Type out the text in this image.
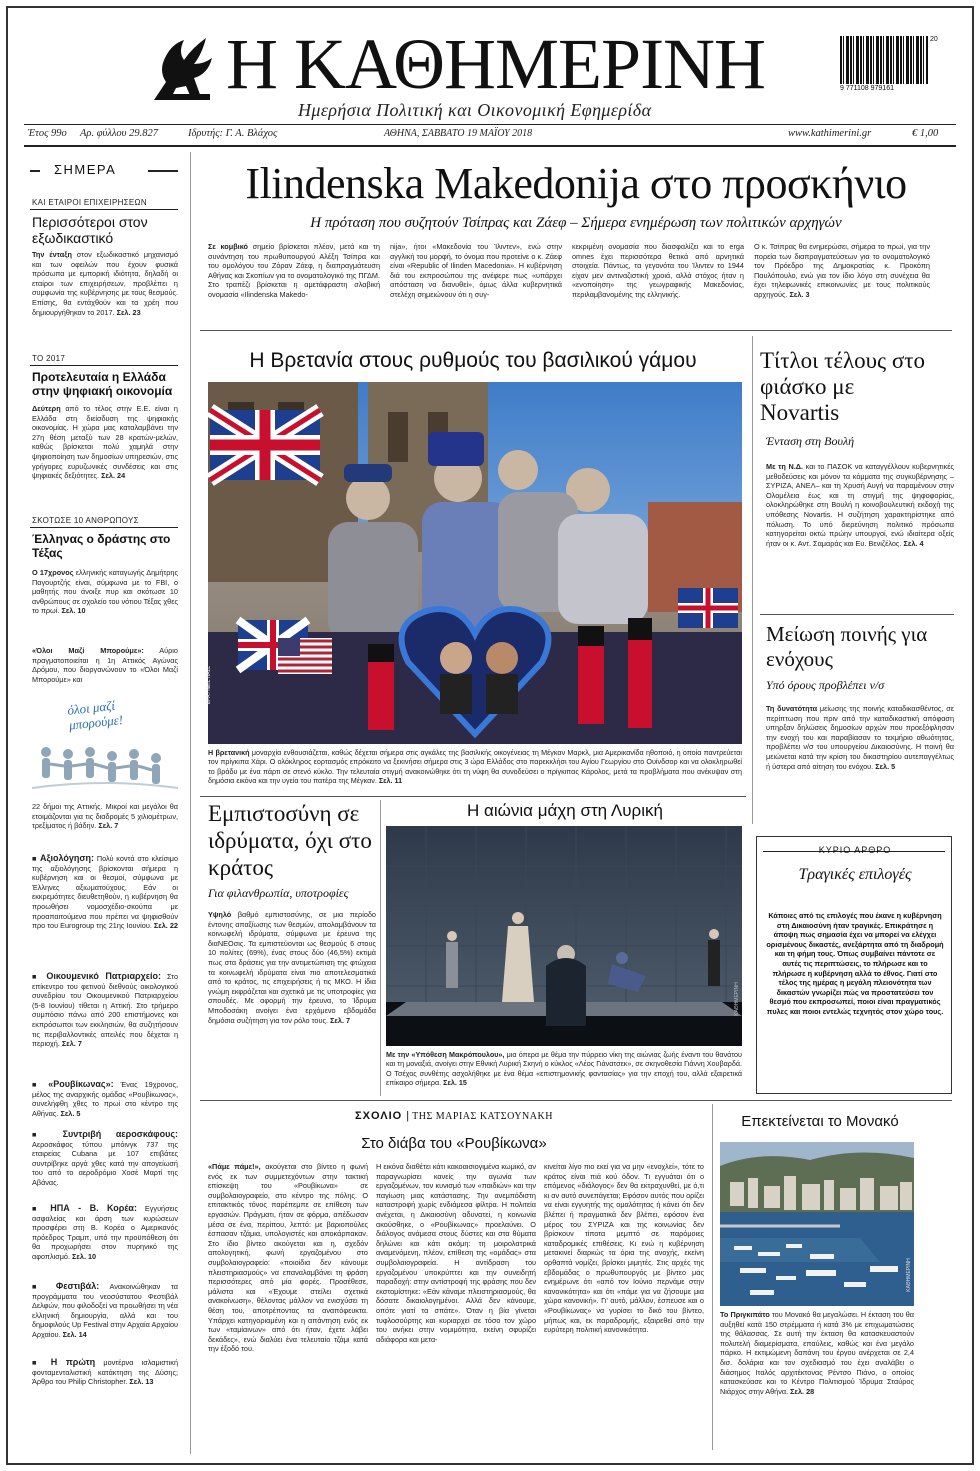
Η ΚΑΘΗΜΕΡΙΝΗ
Ημερήσια Πολιτική και Οικονομική Εφημερίδα
20
9 771108 979161
Έτος 99ο Αρ. φύλλου 29.827	Ιδρυτής: Γ. Α. Βλάχος	ΑΘΗΝΑ, ΣΑΒΒΑΤΟ 19 ΜΑΪΟΥ 2018	www.kathimerini.gr	€ 1,00
ΣΗΜΕΡΑ
ΚΑΙ ΕΤΑΙΡΟΙ ΕΠΙΧΕΙΡΗΣΕΩΝ
Περισσότεροι στον εξωδικαστικό
Την ένταξη στον εξωδικαστικό μηχανισμό και των οφειλών που έχουν φυσικά πρόσωπα με εμπορική ιδιότητα, δηλαδή οι εταίροι των επιχειρήσεων, προβλέπει η συμφωνία της κυβέρνησης με τους θεσμούς. Επίσης, θα εντάχθούν και τα χρέη που δημιουργήθηκαν το 2017. Σελ. 23
ΤΟ 2017
Προτελευταία η Ελλάδα στην ψηφιακή οικονομία
Δεύτερη από το τέλος στην Ε.Ε. είναι η Ελλάδα στη διείσδυση της ψηφιακής οικονομίας. Η χώρα μας καταλαμβάνει την 27η θέση μεταξύ των 28 κρατών-μελών, καθώς βρίσκεται πολύ χαμηλά στην ψηφιοποίηση των δημοσίων υπηρεσιών, στις γρήγορες ευρυζωνικές συνδέσεις και στις ψηφιακές δεξιότητες. Σελ. 24
ΣΚΟΤΩΣΕ 10 ΑΝΘΡΩΠΟΥΣ
Έλληνας ο δράστης στο Τέξας
Ο 17χρονος ελληνικής καταγωγής Δημήτρης Παγουρτζής είναι, σύμφωνα με το FBI, ο μαθητής που άνοιξε πυρ και σκότωσε 10 ανθρώπους σε σχολείο του νότιου Τέξας χθες το πρωί. Σελ. 10
«Όλοι Μαζί Μπορούμε»: Αύριο πραγματοποιείται η 1η Αττικός Αγώνας Δρόμου, που διοργανώνουν το «Όλοι Μαζί Μπορούμε» και
όλοι μαζί μπορούμε!
22 δήμοι της Αττικής. Μικροί και μεγάλοι θα ετοιμάζονται για τις διαδρομές 5 χιλιομέτρων, τρεξίματος ή βάδην. Σελ. 7
■ Αξιολόγηση: Πολύ κοντά στο κλείσιμο της αξιολόγησης βρίσκονται σήμερα η κυβέρνηση και οι θεσμοί, σύμφωνα με Έλληνες αξιωματούχους. Εάν οι εκκρεμότητες διευθετηθούν, η κυβέρνηση θα προωθήσει νομοσχέδιο-σκούπα με προαπαιτούμενα που πρέπει να ψηφισθούν προ του Eurogroup της 21ης Ιουνίου. Σελ. 22
■ Οικουμενικό Πατριαρχείο: Στο επίκεντρο του φετινού διεθνούς οικολογικού συνεδρίου του Οικουμενικού Πατριαρχείου (5-8 Ιουνίου) τίθεται η Αττική. Στο τρήμερο συμπόσιο πάνω από 200 επιστήμονες και εκπρόσωποι των εκκλησιών, θα συζητήσουν τις περιβαλλοντικές απειλές που δέχεται η περιοχή. Σελ. 7
■ «Ρουβίκωνας»: Ένας 19χρονος, μέλος της αναρχικής ομάδας «Ρουβίκωνας», συνελήφθη χθες το πρωί στο κέντρο της Αθήνας. Σελ. 5
■ Συντριβή αεροσκάφους: Αεροσκάφος τύπου μπόινγκ 737 της εταιρείας Cubana με 107 επιβάτες συντρίβηκε αργά χθες κατά την απογείωσή του από το αεροδρόμιο Χοσέ Μαρτί της Αβάνας.
■ ΗΠΑ - Β. Κορέα: Εγγυήσεις ασφαλείας και άρση των κυρώσεων προσφέρει στη Β. Κορέα ο Αμερικανός πρόεδρος Τραμπ, υπό την προϋπόθεση ότι θα προχωρήσει στον πυρηνικό της αφοπλισμό. Σελ. 10
■ Φεστιβάλ: Ανακοινώθηκαν τα προγράμματα του νεοσύστατου Φεστιβάλ Δελφών, που φιλοδοξεί να προωθήσει τη νέα ελληνική δημιουργία, αλλά και του δημοφιλούς Up Festival στην Αρχαία Αρχαίου Αρχαίου. Σελ. 14
■ Η πρώτη μοντέρνα ισλαμιστική φονταμενταλιστική κατάκτηση της Δύσης; Άρθρο του Philip Christopher. Σελ. 13
Ilindenska Makedonija στο προσκήνιο
Η πρόταση που συζητούν Τσίπρας και Ζάεφ – Σήμερα ενημέρωση των πολιτικών αρχηγών
Σε κομβικό σημείο βρίσκεται πλέον, μετά και τη συνάντηση του πρωθυπουργού Αλέξη Τσίπρα και του ομολόγου του Ζόραν Ζάεφ, η διαπραγμάτευση Αθήνας και Σκοπίων για το ονοματολογικό της ΠΓΔΜ. Στο τραπέζι βρίσκεται η αμετάφραστη σλαβική ονομασία «Ilindenska Makedo-
nija», ήτοι «Μακεδονία του Ίλιντεν», ενώ στην αγγλική του μορφή, το όνομα που προτείνε ο κ. Ζάεφ είναι «Republic of Ilinden Macedonia». Η κυβέρνηση διά του εκπροσώπου της ανέφερε πως «υπάρχει απόσταση να διανυθεί», όμως άλλα κυβερνητικά στελέχη σημειώνουν ότι η συγ-
κεκριμένη ονομασία που διασφαλίζει και το erga omnes έχει περισσότερα θετικά από αρνητικά στοιχεία. Πάντως, τα γεγονότα του Ίλιντεν το 1944 είχαν μεν αντιναζιστική χροιά, αλλά στόχος ήταν η «ενοποίηση» της γεωγραφικής Μακεδονίας, περιλαμβανομένης της ελληνικής.
Ο κ. Τσίπρας θα ενημερώσει, σήμερα το πρωί, για την πορεία των διαπραγματεύσεων για το ονοματολογικό τον Πρόεδρο της Δημοκρατίας κ. Προκόπη Παυλόπουλο, ενώ για τον ίδιο λόγο στη συνέχεια θα έχει τηλεφωνικές επικοινωνίες με τους πολιτικούς αρχηγούς. Σελ. 3
Η Βρετανία στους ρυθμούς του βασιλικού γάμου
EPA / NEIL HALL
Η βρετανική μοναρχία ενθουσιάζεται, καθώς δέχεται σήμερα στις αγκάλες της βασιλικής οικογένειας τη Μέγκαν Μαρκλ, μια Αμερικανίδα ηθοποιό, η οποία παντρεύεται τον πρίγκιπα Χάρι. Ο ολόκληρος εορτασμός επρόκειτο να ξεκινήσει σήμερα στις 3 ώρα Ελλάδος στο παρεκκλήσι του Αγίου Γεωργίου στο Ουίνδσορ και να ολοκληρωθεί το βράδυ με ένα πάρτι σε στενό κύκλο. Την τελευταία στιγμή ανακοινώθηκε ότι τη νύφη θα συνοδεύσει ο πρίγκιπας Κάρολος, μετά τα προβλήματα που ανέκυψαν στη δημόσια εικόνα και την υγεία του πατέρα της Μέγκαν. Σελ. 11
Τίτλοι τέλους στο φιάσκο με Novartis
Ένταση στη Βουλή
Με τη Ν.Δ. και το ΠΑΣΟΚ να καταγγέλλουν κυβερνητικές μεθοδεύσεις και μόνον τα κόμματα της συγκυβέρνησης –ΣΥΡΙΖΑ, ΑΝΕΛ– και τη Χρυσή Αυγή να παραμένουν στην Ολομέλεια έως και τη στιγμή της ψηφοφορίας, ολοκληρώθηκε στη Βουλή η κοινοβουλευτική εκδοχή της υπόθεσης Novartis. Η συζήτηση χαρακτηρίστηκε από πόλωση. Το υπό διερεύνηση πολιτικό πρόσωπα κατηγορείται οκτώ πρώην υπουργοί, ενώ ιδιαίτερα οξείς ήταν οι κ. Αντ. Σαμαράς και Ευ. Βενιζέλος. Σελ. 4
Μείωση ποινής για ενόχους
Υπό όρους προβλέπει ν/σ
Τη δυνατότητα μείωσης της ποινής καταδικασθέντος, σε περίπτωση που πριν από την καταδικαστική απόφαση υπηρξαν δηλώσεις δημοσίων αρχών που προεξόφλησαν την ενοχή του και παραβίασαν το τεκμήριο αθωότητας, προβλέπει ν/σ του υπουργείου Δικαιοσύνης. Η ποινή θα μειώνεται κατά την κρίση του δικαστηρίου αυτεπαγγέλτως ή ύστερα από αίτηση του ενόχου. Σελ. 5
Εμπιστοσύνη σε ιδρύματα, όχι στο κράτος
Για φιλανθρωπία, υποτροφίες
Υψηλό βαθμό εμπιστοσύνης, σε μια περίοδο έντονης απαξίωσης των θεσμών, απολαμβάνουν τα κοινωφελή ιδρύματα, σύμφωνα με έρευνα της διαΝΕΟσις. Τα εμπιστεύονται ως θεσμούς 6 στους 10 πολίτες (69%), ένας στους δύο (46,5%) εκτιμά πως στα δράσεις για την αντιμετώπιση της φτώχεια τα κοινωφελή ιδρύματα είναι πιο αποτελεσματικά από το κράτος, τις επιχειρήσεις ή τις ΜΚΟ. Η ίδια γνώμη εκφράζεται και σχετικά με τις υποτροφίες για σπουδές. Με αφορμή την έρευνα, το Ίδρυμα Μποδοσάκη ανοίγει ένα ερχόμενο εβδομάδα δημόσια συζήτηση για τον ρόλο τους. Σελ. 7
Η αιώνια μάχη στη Λυρική
ΚΑΘΗΜΕΡΙΝΗ
Με την «Υπόθεση Μακρόπουλου», μια όπερα με θέμα την πύρρειο νίκη της αιώνιας ζωής έναντι του θανάτου και τη μοναξιά, ανοίγει στην Εθνική Λυρική Σκηνή ο κύκλος «Λέος Γιάνατσεκ», σε σκηνοθεσία Γιάννη Χουβαρδά. Ο Τσέχος συνθέτης ασχολήθηκε με ένα θέμα «επιστημονικής φαντασίας» για την εποχή του, αλλά εξαιρετικά επίκαιρο σήμερα. Σελ. 15
ΚΥΡΙΟ ΑΡΘΡΟ
Τραγικές επιλογές
Κάποιες από τις επιλογές που έκανε η κυβέρνηση στη Δικαιοσύνη ήταν τραγικές. Επικράτησε η άποψη πως σημασία έχει να μπορεί να ελέγχει ορισμένους δικαστές, ανεξάρτητα από τη διαδρομή και τη φήμη τους. Όπως συμβαίνει πάντοτε σε αυτές τις περιπτώσεις, το πλήρωσε και το πλήρωσε η κυβέρνηση αλλά το έθνος. Γιατί στο τέλος της ημέρας η μεγάλη πλειονότητα των δικαστών γνωρίζει πώς να προστατεύσει τον θεσμό που εκπροσωπεί, ποιοι είναι πραγματικός πυλες και ποιοι εντελώς τεχνητός στον χώρο τους.
ΣΧΟΛΙΟ | ΤΗΣ ΜΑΡΙΑΣ ΚΑΤΣΟΥΝΑΚΗ
Στο διάβα του «Ρουβίκωνα»
«Πάμε πάμε!», ακούγεται στο βίντεο η φωνή ενός εκ των συμμετεχόντων στην τακτική επίσκεψη του «Ρουβίκωνα» σε συμβολαιογραφείο, στο κέντρο της πόλης. Ο επιτακτικός τόνος παρέπεμπε σε επίθεση των εργασιών. Πράγματι, ήταν σε φόρμα, απέδωσαν μέσα σε ένα, περίπου, λεπτό: με βαριοπούλες έσπασαν τζάμια, υπολογιστές και αποκάρπακαν. Στο ίδιο βίντεο ακούγεται και η, σχεδόν απολογητική, φωνή εργαζομένου στο συμβολαιογραφείο: «ποιοίδια δεν κάνουμε πλειστηριασμούς» να επαναλαμβάνει τη φράση περισσότερες από μία φορές. Προσέθεσε, μάλιστα και «Έχουμε στείλει σχετικά ανακοίνωση», θέλοντας μάλλον να ενισχύσει τη θέση του, αποτρέποντας τα αναπόφευκτα. Υπάρχει κατηγοριαμένη και η απάντηση ενός εκ των «ταμίαινων» από ότι ήταν, έχετε λάβει δεκάδες», ενώ διαλύει ένα τελευταίο τζάμι κατά την έξοδό του.
Η εικόνα διαθέτει κάτι κακοαισιογιμένα κωμικό, αν παραγνωρίσει κανείς την αγωνία των εργαζομένων, τον κυνισμό των «παιδιών» και την παγίωση μιας κατάστασης. Την ανεμπόδιστη καταστροφή χωρίς ενδιάμεσα φίλτρα. Η πολιτεία ανέχεται, η Δικαιοσύνη αδυνατεί, η κοινωνία ακούσθηκε, ο «Ρουβίκωνας» προελαύνει. Ο διάλογος ανάμεσα στους δύστες και στα θύματα δηλώνει και κάτι ακόμη: τη μοιρολατρικά αναμενόμενη, πλέον, επίθεση της «ομάδας» στα συμβολαιογραφεία. Η αντίδραση του εργαζομένου υποκρύπτει και την συνειδητή παραδοχή: στην αντίστροφή της φράσης που δεν εκστομίστηκε: «Εάν κάναμε πλειστηριασμούς, θα δόσατε δικαιολογημένοι. Αλλά δεν κάνουμε, οπότε γιατί τα σπάτε». Όταν η βία γίνεται τυφλοσούρτης και κυριαρχεί σε τόσο τον χώρο του ανήκει στην νομιμότητα, εκείνη σφυρίζει αδιάφορα και μετα-
κινείται λίγο πιο εκεί για να μην «ενοχλεί», τότε το κράτος είναι πιά κού όδον. Τι εγγυάται ότι ο επόμενος «διάλογος» δεν θα εκτραχυνθεί, με ό,τι κι αν αυτό συνεπάγεται; Εφόσον αυτός που ορίζει να είναι εγγυητής της ομαλότητας ή κάνει ότι δεν βλέπει ή πραγματικά δεν βλέπει, εφόσον ένα μέρος του ΣΥΡΙΖΑ και της κοινωνίας δεν βρίσκουν τίποτα μεμπτό σε παρόμοιες καταδρομικές επιθέσεις. Κι ενώ η κυβέρνηση μετακινεί διαρκώς τα όρια της ανοχής, εκείνη ορθαπτά νομίζει, βρίσκει μιμητές. Στις αρχές της εβδομάδας ο πρωθυπουργός με βίντεο μας ενημέρωνε ότι «από τον Ιούνιο περνάμε στην κανονικότητα» και ότι «πάμε για να ζήσουμε μια χώρα κανονική». Γι' αυτό, μάλλον, έσπευσε και ο «Ρουβίκωνας» να γυρίσει το δικό του βίντεο, μήπως και, εκ παραδρομής, εξαιρεθεί από την ευρύτερη πολιτική κανονικότητα.
Επεκτείνεται το Μονακό
ΚΑΘΗΜΕΡΙΝΗ
Το Πριγκιπάτο του Μονακό θα μεγαλώσει. Η έκταση του θα αυξηθεί κατά 150 στρέμματα ή κατά 3% με επιχωματώσεις της θάλασσας. Σε αυτή την έκταση θα κατασκευαστούν πολυτελή διαμερίσματα, επαύλεις, καθώς και ένα μεγάλο πάρκο. Η εκτιμώμενη δαπάνη του έργου ανέρχεται σε 2,4 δισ. δολάρια και τον σχεδιασμό του έχει αναλάβει ο διάσημος Ιταλός αρχιτέκτονας Ρέντσο Πιάνο, ο οποίος κατασκεύασε και το Κέντρο Πολιτισμού Ίδρυμα Σταύρος Νιάρχος στην Αθήνα. Σελ. 28
